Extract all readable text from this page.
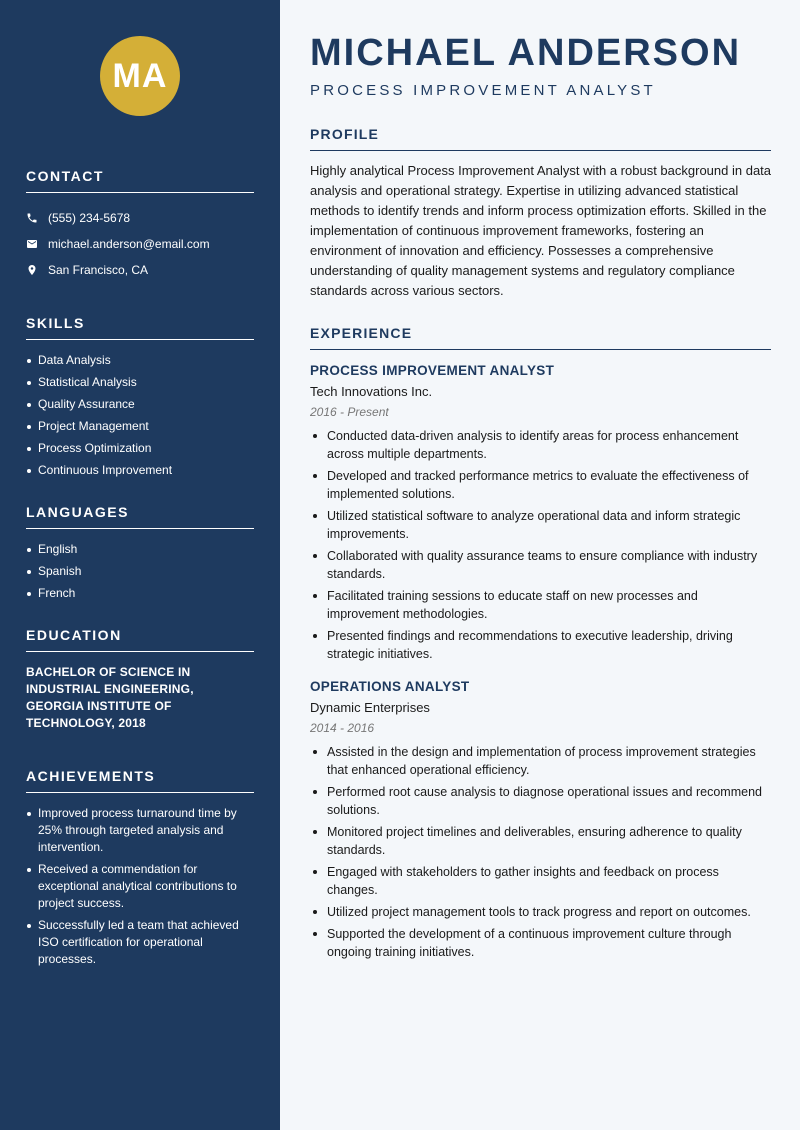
MA
CONTACT
(555) 234-5678
michael.anderson@email.com
San Francisco, CA
SKILLS
Data Analysis
Statistical Analysis
Quality Assurance
Project Management
Process Optimization
Continuous Improvement
LANGUAGES
English
Spanish
French
EDUCATION
BACHELOR OF SCIENCE IN INDUSTRIAL ENGINEERING, GEORGIA INSTITUTE OF TECHNOLOGY, 2018
ACHIEVEMENTS
Improved process turnaround time by 25% through targeted analysis and intervention.
Received a commendation for exceptional analytical contributions to project success.
Successfully led a team that achieved ISO certification for operational processes.
MICHAEL ANDERSON
PROCESS IMPROVEMENT ANALYST
PROFILE

Highly analytical Process Improvement Analyst with a robust background in data analysis and operational strategy. Expertise in utilizing advanced statistical methods to identify trends and inform process optimization efforts. Skilled in the implementation of continuous improvement frameworks, fostering an environment of innovation and efficiency. Possesses a comprehensive understanding of quality management systems and regulatory compliance standards across various sectors.

EXPERIENCE
PROCESS IMPROVEMENT ANALYST
Tech Innovations Inc.
2016 - Present
Conducted data-driven analysis to identify areas for process enhancement across multiple departments.
Developed and tracked performance metrics to evaluate the effectiveness of implemented solutions.
Utilized statistical software to analyze operational data and inform strategic improvements.
Collaborated with quality assurance teams to ensure compliance with industry standards.
Facilitated training sessions to educate staff on new processes and improvement methodologies.
Presented findings and recommendations to executive leadership, driving strategic initiatives.
OPERATIONS ANALYST
Dynamic Enterprises
2014 - 2016
Assisted in the design and implementation of process improvement strategies that enhanced operational efficiency.
Performed root cause analysis to diagnose operational issues and recommend solutions.
Monitored project timelines and deliverables, ensuring adherence to quality standards.
Engaged with stakeholders to gather insights and feedback on process changes.
Utilized project management tools to track progress and report on outcomes.
Supported the development of a continuous improvement culture through ongoing training initiatives.
